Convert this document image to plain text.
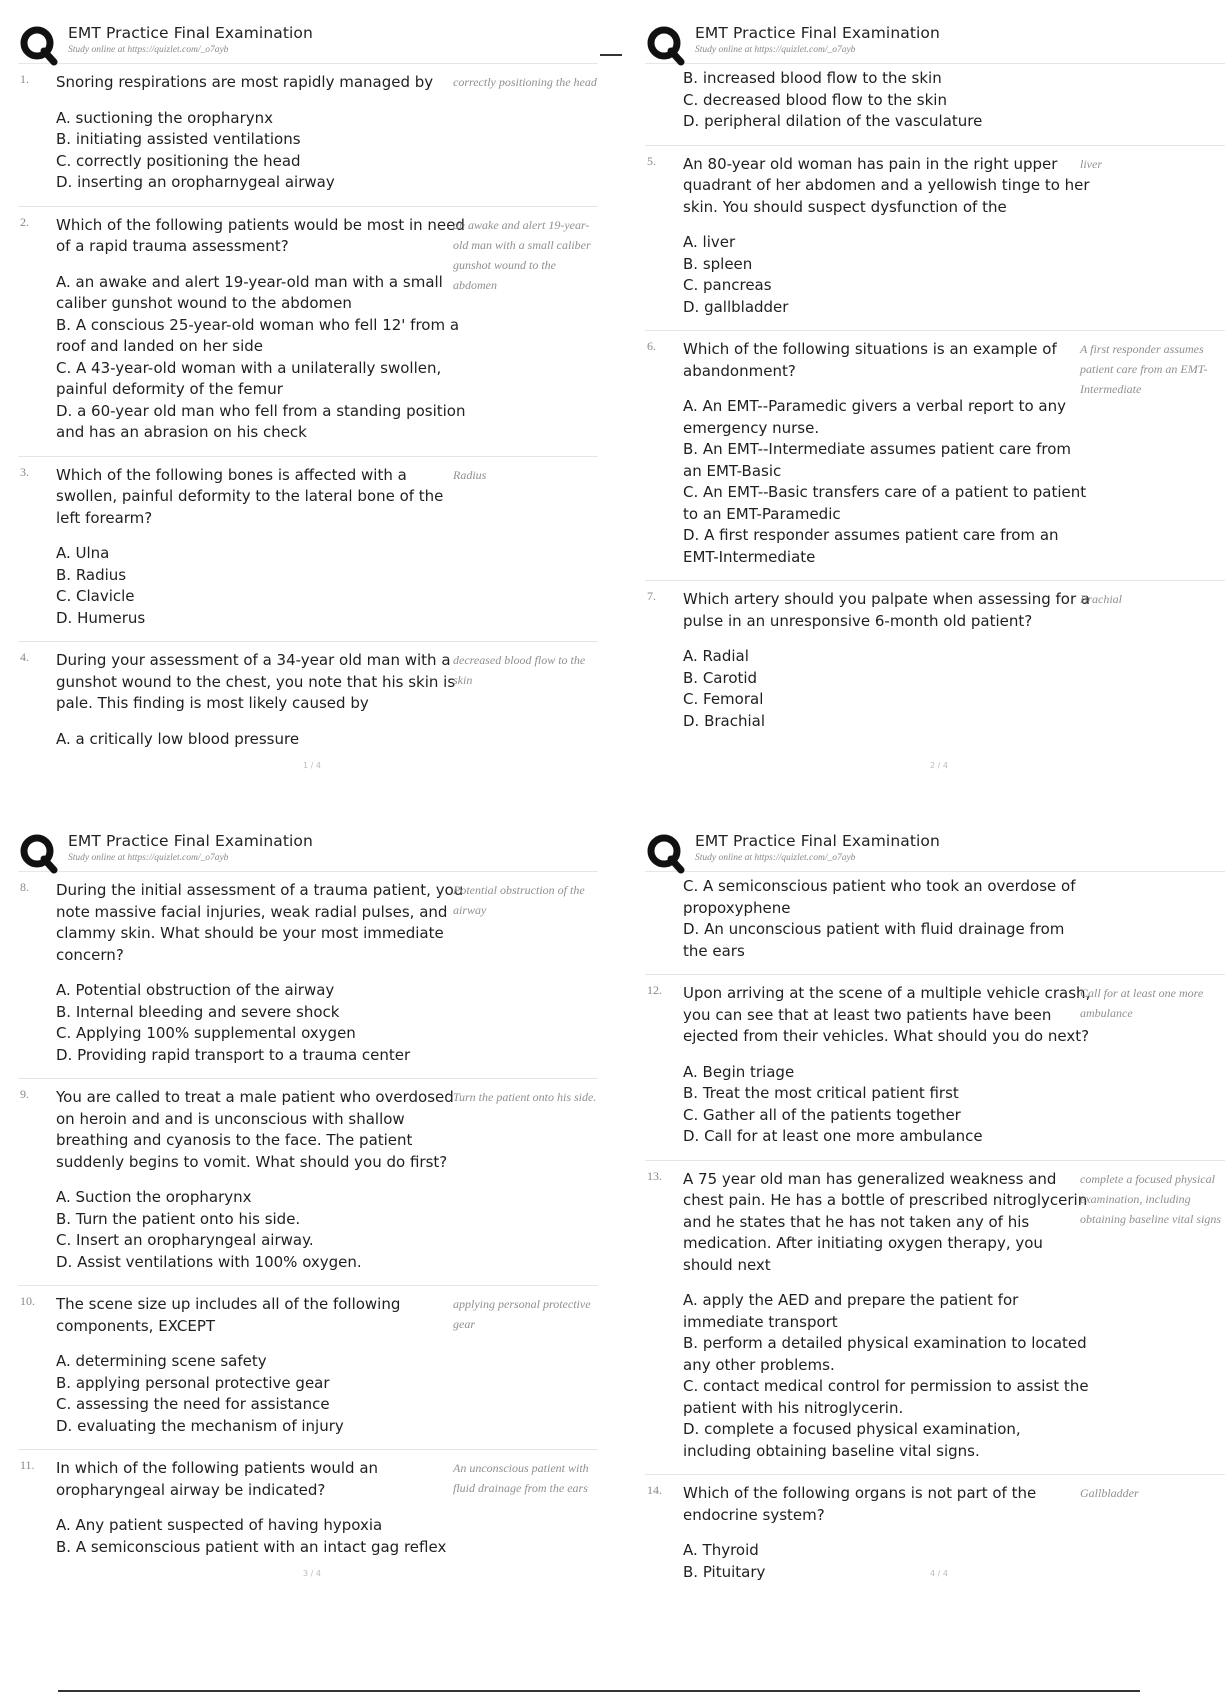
EMT Practice Final Examination
Study online at https://quizlet.com/_o7ayb
1. Snoring respirations are most rapidly managed by	correctly positioning the head
A. suctioning the oropharynx
B. initiating assisted ventilations
C. correctly positioning the head
D. inserting an oropharnygeal airway
2. Which of the following patients would be most in need of a rapid trauma assessment?
an awake and alert 19-year-old man with a small caliber gunshot wound to the abdomen
A. an awake and alert 19-year-old man with a small caliber gunshot wound to the abdomen
B. A conscious 25-year-old woman who fell 12' from a roof and landed on her side
C. A 43-year-old woman with a unilaterally swollen, painful deformity of the femur
D. a 60-year old man who fell from a standing position and has an abrasion on his check
3. Which of the following bones is affected with a swollen, painful deformity to the lateral bone of the left forearm?
Radius
A. Ulna
B. Radius
C. Clavicle
D. Humerus
4. During your assessment of a 34-year old man with a gunshot wound to the chest, you note that his skin is pale. This finding is most likely caused by
decreased blood flow to the skin
A. a critically low blood pressure
1 / 4
EMT Practice Final Examination
Study online at https://quizlet.com/_o7ayb
B. increased blood flow to the skin
C. decreased blood flow to the skin
D. peripheral dilation of the vasculature
5. An 80-year old woman has pain in the right upper quadrant of her abdomen and a yellowish tinge to her skin. You should suspect dysfunction of the
liver
A. liver
B. spleen
C. pancreas
D. gallbladder
6. Which of the following situations is an example of abandonment?
A first responder assumes patient care from an EMT-Intermediate
A. An EMT--Paramedic givers a verbal report to any emergency nurse.
B. An EMT--Intermediate assumes patient care from an EMT-Basic
C. An EMT--Basic transfers care of a patient to patient to an EMT-Paramedic
D. A first responder assumes patient care from an EMT-Intermediate
7. Which artery should you palpate when assessing for a pulse in an unresponsive 6-month old patient?
Brachial
A. Radial
B. Carotid
C. Femoral
D. Brachial
2 / 4
EMT Practice Final Examination
Study online at https://quizlet.com/_o7ayb
8. During the initial assessment of a trauma patient, you note massive facial injuries, weak radial pulses, and clammy skin. What should be your most immediate concern?
Potential obstruction of the airway
A. Potential obstruction of the airway
B. Internal bleeding and severe shock
C. Applying 100% supplemental oxygen
D. Providing rapid transport to a trauma center
9. You are called to treat a male patient who overdosed on heroin and and is unconscious with shallow breathing and cyanosis to the face. The patient suddenly begins to vomit. What should you do first?
Turn the patient onto his side.
A. Suction the oropharynx
B. Turn the patient onto his side.
C. Insert an oropharyngeal airway.
D. Assist ventilations with 100% oxygen.
10. The scene size up includes all of the following components, EXCEPT
applying personal protective gear
A. determining scene safety
B. applying personal protective gear
C. assessing the need for assistance
D. evaluating the mechanism of injury
11. In which of the following patients would an oropharyngeal airway be indicated?
An unconscious patient with fluid drainage from the ears
A. Any patient suspected of having hypoxia
B. A semiconscious patient with an intact gag reflex
3 / 4
EMT Practice Final Examination
Study online at https://quizlet.com/_o7ayb
C. A semiconscious patient who took an overdose of propoxyphene
D. An unconscious patient with fluid drainage from the ears
12. Upon arriving at the scene of a multiple vehicle crash, you can see that at least two patients have been ejected from their vehicles. What should you do next?
Call for at least one more ambulance
A. Begin triage
B. Treat the most critical patient first
C. Gather all of the patients together
D. Call for at least one more ambulance
13. A 75 year old man has generalized weakness and chest pain. He has a bottle of prescribed nitroglycerin and he states that he has not taken any of his medication. After initiating oxygen therapy, you should next
complete a focused physical examination, including obtaining baseline vital signs
A. apply the AED and prepare the patient for immediate transport
B. perform a detailed physical examination to located any other problems.
C. contact medical control for permission to assist the patient with his nitroglycerin.
D. complete a focused physical examination, including obtaining baseline vital signs.
14. Which of the following organs is not part of the endocrine system?
Gallbladder
A. Thyroid
B. Pituitary	4 / 4
